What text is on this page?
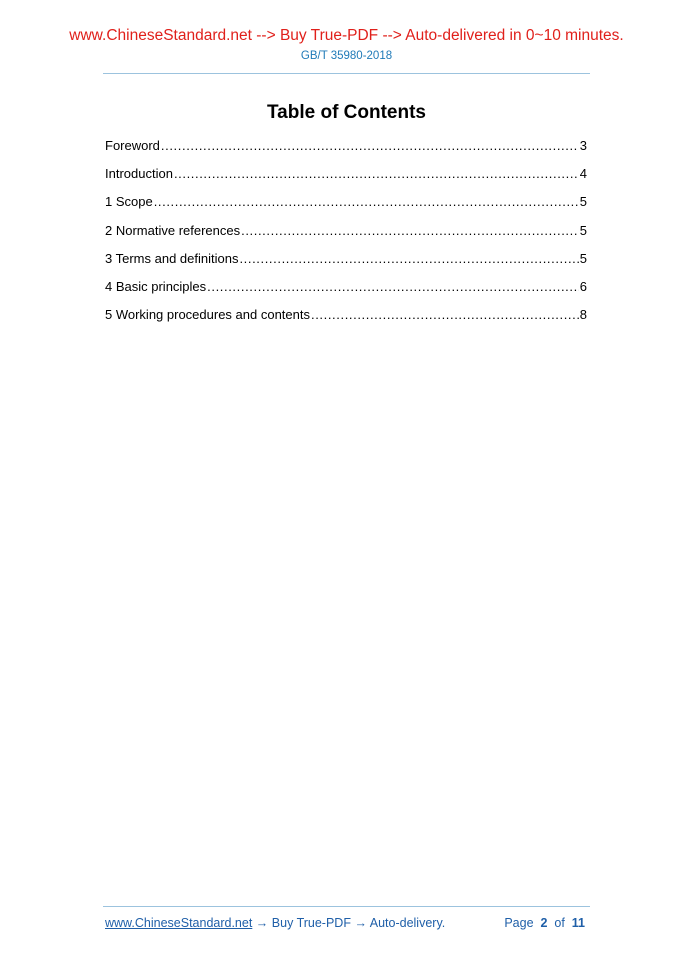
www.ChineseStandard.net --> Buy True-PDF --> Auto-delivered in 0~10 minutes.
GB/T 35980-2018
Table of Contents
Foreword .....	3
Introduction .....	4
1 Scope .....	5
2 Normative references .....	5
3 Terms and definitions .....	5
4 Basic principles .....	6
5 Working procedures and contents .....	8
www.ChineseStandard.net → Buy True-PDF → Auto-delivery.	Page 2 of 11
